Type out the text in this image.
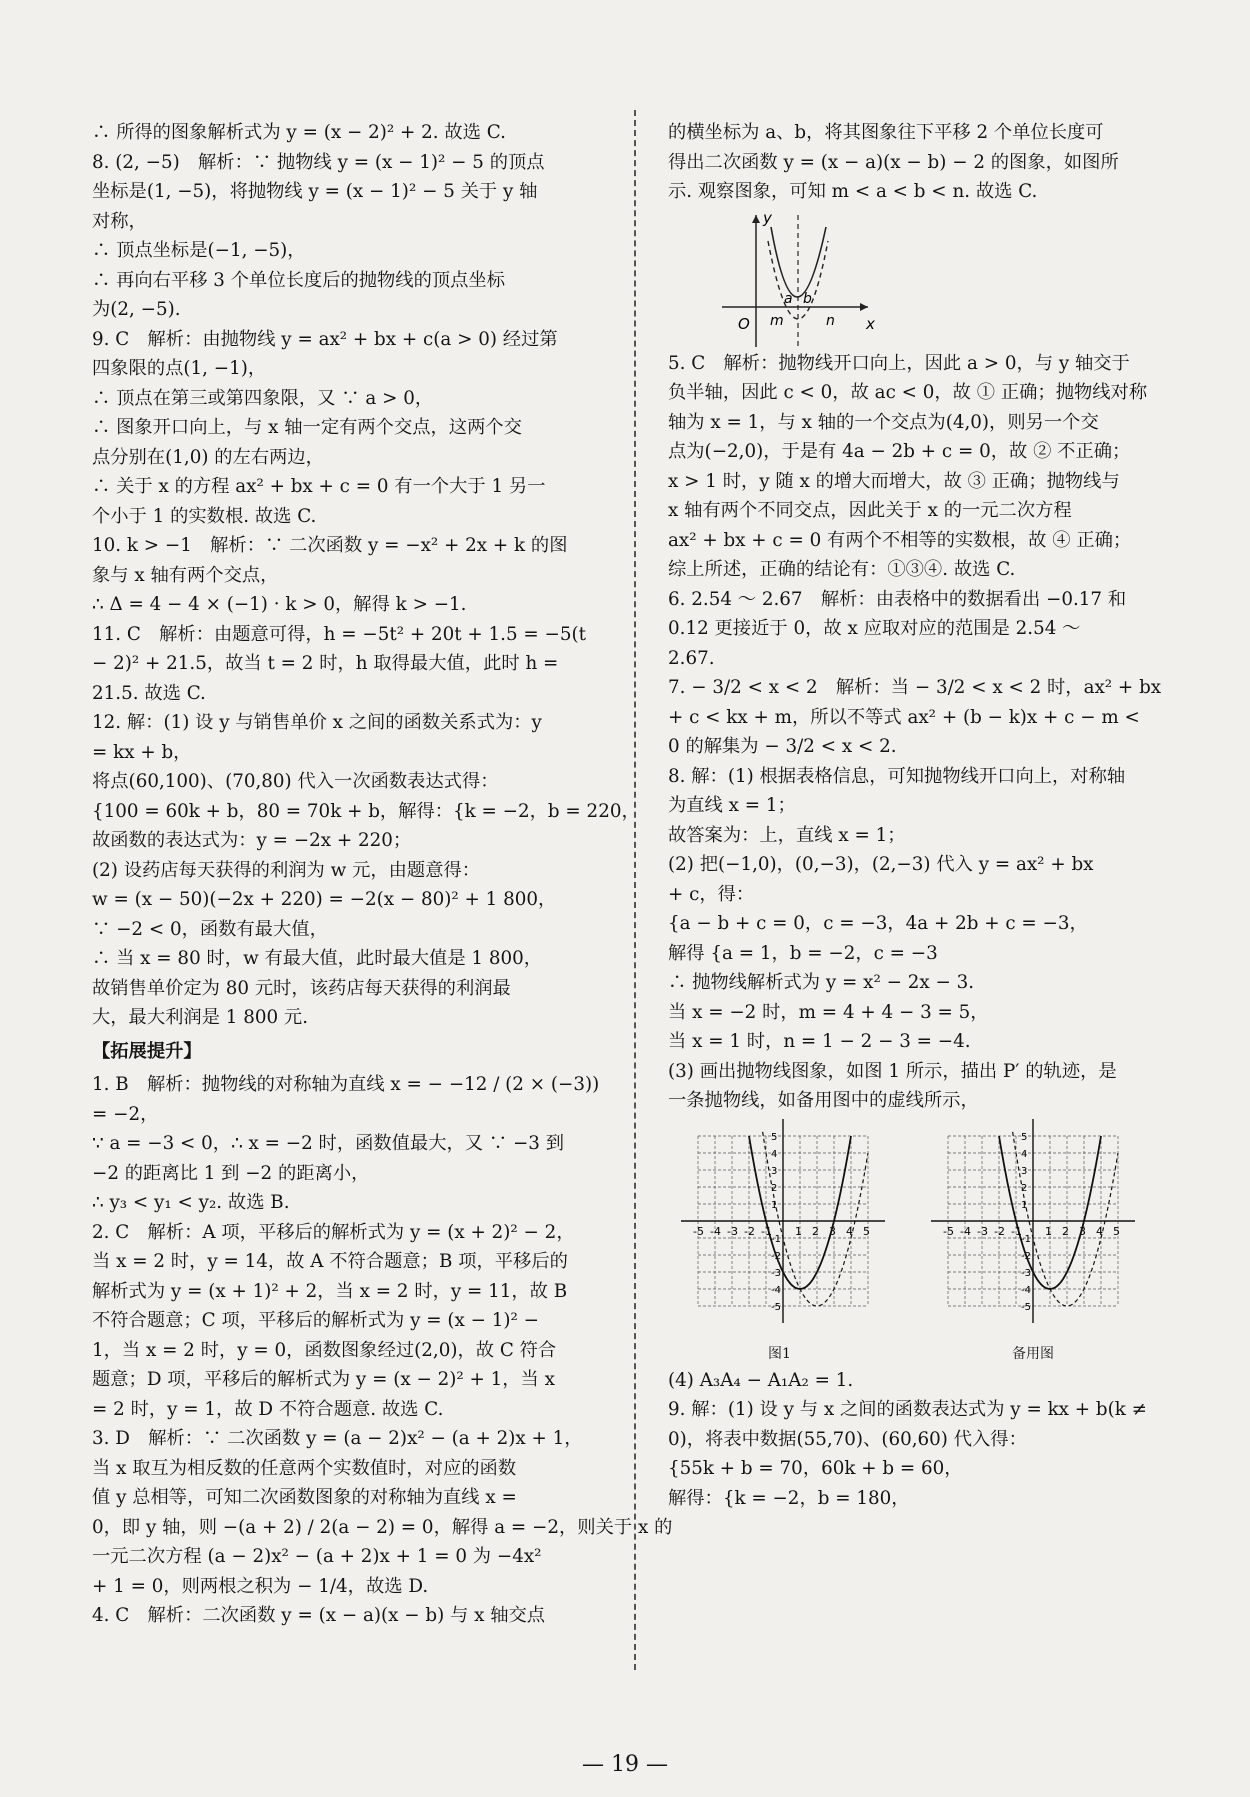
∴ 所得的图象解析式为 y = (x − 2)² + 2. 故选 C.
8. (2, −5)　解析：∵ 抛物线 y = (x − 1)² − 5 的顶点
坐标是(1, −5)，将抛物线 y = (x − 1)² − 5 关于 y 轴
对称，
∴ 顶点坐标是(−1, −5)，
∴ 再向右平移 3 个单位长度后的抛物线的顶点坐标
为(2, −5).
9. C　解析：由抛物线 y = ax² + bx + c(a > 0) 经过第
四象限的点(1, −1)，
∴ 顶点在第三或第四象限，又 ∵ a > 0，
∴ 图象开口向上，与 x 轴一定有两个交点，这两个交
点分别在(1,0) 的左右两边，
∴ 关于 x 的方程 ax² + bx + c = 0 有一个大于 1 另一
个小于 1 的实数根. 故选 C.
10. k > −1　解析：∵ 二次函数 y = −x² + 2x + k 的图
象与 x 轴有两个交点，
∴ Δ = 4 − 4 × (−1) · k > 0，解得 k > −1.
11. C　解析：由题意可得，h = −5t² + 20t + 1.5 = −5(t
− 2)² + 21.5，故当 t = 2 时，h 取得最大值，此时 h =
21.5. 故选 C.
12. 解：(1) 设 y 与销售单价 x 之间的函数关系式为：y
= kx + b，
将点(60,100)、(70,80) 代入一次函数表达式得：
{100 = 60k + b，80 = 70k + b，解得：{k = −2，b = 220，
故函数的表达式为：y = −2x + 220；
(2) 设药店每天获得的利润为 w 元，由题意得：
w = (x − 50)(−2x + 220) = −2(x − 80)² + 1 800，
∵ −2 < 0，函数有最大值，
∴ 当 x = 80 时，w 有最大值，此时最大值是 1 800，
故销售单价定为 80 元时，该药店每天获得的利润最
大，最大利润是 1 800 元.
【拓展提升】
1. B　解析：抛物线的对称轴为直线 x = − −12 / (2 × (−3))
= −2，
∵ a = −3 < 0，∴ x = −2 时，函数值最大，又 ∵ −3 到
−2 的距离比 1 到 −2 的距离小，
∴ y₃ < y₁ < y₂. 故选 B.
2. C　解析：A 项，平移后的解析式为 y = (x + 2)² − 2，
当 x = 2 时，y = 14，故 A 不符合题意；B 项，平移后的
解析式为 y = (x + 1)² + 2，当 x = 2 时，y = 11，故 B
不符合题意；C 项，平移后的解析式为 y = (x − 1)² −
1，当 x = 2 时，y = 0，函数图象经过(2,0)，故 C 符合
题意；D 项，平移后的解析式为 y = (x − 2)² + 1，当 x
= 2 时，y = 1，故 D 不符合题意. 故选 C.
3. D　解析：∵ 二次函数 y = (a − 2)x² − (a + 2)x + 1，
当 x 取互为相反数的任意两个实数值时，对应的函数
值 y 总相等，可知二次函数图象的对称轴为直线 x =
0，即 y 轴，则 −(a + 2) / 2(a − 2) = 0，解得 a = −2，则关于 x 的
一元二次方程 (a − 2)x² − (a + 2)x + 1 = 0 为 −4x²
+ 1 = 0，则两根之积为 − 1/4，故选 D.
4. C　解析：二次函数 y = (x − a)(x − b) 与 x 轴交点
的横坐标为 a、b，将其图象往下平移 2 个单位长度可
得出二次函数 y = (x − a)(x − b) − 2 的图象，如图所
示. 观察图象，可知 m < a < b < n. 故选 C.
y
x
O m
a b
n
5. C　解析：抛物线开口向上，因此 a > 0，与 y 轴交于
负半轴，因此 c < 0，故 ac < 0，故 ① 正确；抛物线对称
轴为 x = 1，与 x 轴的一个交点为(4,0)，则另一个交
点为(−2,0)，于是有 4a − 2b + c = 0，故 ② 不正确；
x > 1 时，y 随 x 的增大而增大，故 ③ 正确；抛物线与
x 轴有两个不同交点，因此关于 x 的一元二次方程
ax² + bx + c = 0 有两个不相等的实数根，故 ④ 正确；
综上所述，正确的结论有：①③④. 故选 C.
6. 2.54 ～ 2.67　解析：由表格中的数据看出 −0.17 和
0.12 更接近于 0，故 x 应取对应的范围是 2.54 ～
2.67.
7. − 3/2 < x < 2　解析：当 − 3/2 < x < 2 时，ax² + bx
+ c < kx + m，所以不等式 ax² + (b − k)x + c − m <
0 的解集为 − 3/2 < x < 2.
8. 解：(1) 根据表格信息，可知抛物线开口向上，对称轴
为直线 x = 1；
故答案为：上，直线 x = 1；
(2) 把(−1,0)，(0,−3)，(2,−3) 代入 y = ax² + bx
+ c，得：
{a − b + c = 0，c = −3，4a + 2b + c = −3，
解得 {a = 1，b = −2，c = −3
∴ 抛物线解析式为 y = x² − 2x − 3.
当 x = −2 时，m = 4 + 4 − 3 = 5，
当 x = 1 时，n = 1 − 2 − 3 = −4.
(3) 画出抛物线图象，如图 1 所示，描出 P′ 的轨迹，是
一条抛物线，如备用图中的虚线所示，
-5 -4 -3 -2 -1 1 2 3 4 5
5
4
3
2
1
-1
-2
-3
-4
-5
-5 -4 -3 -2 -1 1 2 3 4 5
5
4
3
2
1
-1
-2
-3
-4
-5
图1	备用图
(4) A₃A₄ − A₁A₂ = 1.
9. 解：(1) 设 y 与 x 之间的函数表达式为 y = kx + b(k ≠
0)，将表中数据(55,70)、(60,60) 代入得：
{55k + b = 70，60k + b = 60，
解得：{k = −2，b = 180，
— 19 —
